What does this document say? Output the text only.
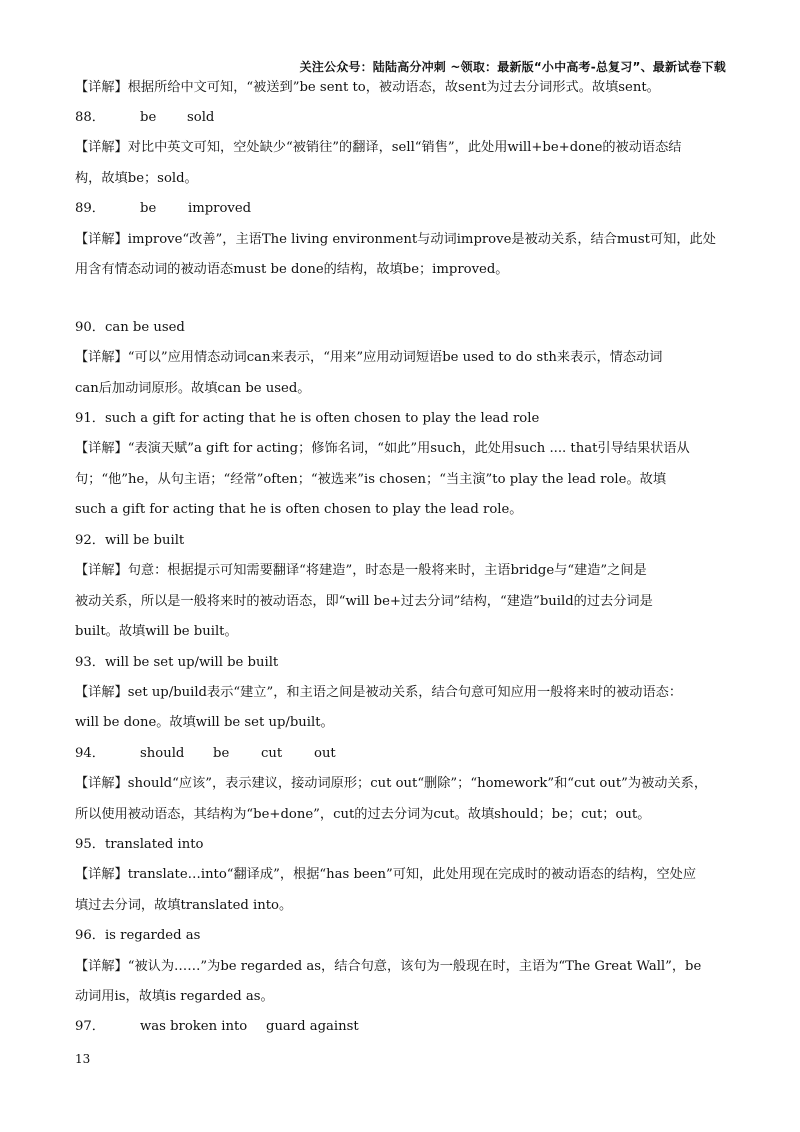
关注公众号：陆陆高分冲刺 ~领取：最新版“小中高考-总复习”、最新试卷下载
【详解】根据所给中文可知，“被送到”be sent to，被动语态，故sent为过去分词形式。故填sent。
88．	be sold
【详解】对比中英文可知，空处缺少“被销往”的翻译，sell“销售”，此处用will+be+done的被动语态结
构，故填be；sold。
89．	be improved
【详解】improve“改善”，主语The living environment与动词improve是被动关系，结合must可知，此处
用含有情态动词的被动语态must be done的结构，故填be；improved。
90．can be used
【详解】“可以”应用情态动词can来表示，“用来”应用动词短语be used to do sth来表示，情态动词
can后加动词原形。故填can be used。
91．such a gift for acting that he is often chosen to play the lead role
【详解】“表演天赋”a gift for acting；修饰名词，“如此”用such，此处用such .... that引导结果状语从
句；“他”he，从句主语；“经常”often；“被选来”is chosen；“当主演”to play the lead role。故填
such a gift for acting that he is often chosen to play the lead role。
92．will be built
【详解】句意：根据提示可知需要翻译“将建造”，时态是一般将来时，主语bridge与“建造”之间是
被动关系，所以是一般将来时的被动语态，即“will be+过去分词”结构，“建造”build的过去分词是
built。故填will be built。
93．will be set up/will be built
【详解】set up/build表示“建立”，和主语之间是被动关系，结合句意可知应用一般将来时的被动语态：
will be done。故填will be set up/built。
94．	should be cut out
【详解】should“应该”，表示建议，接动词原形；cut out“删除”；“homework”和“cut out”为被动关系，
所以使用被动语态，其结构为“be+done”，cut的过去分词为cut。故填should；be；cut；out。
95．translated into
【详解】translate…into“翻译成”，根据“has been”可知，此处用现在完成时的被动语态的结构，空处应
填过去分词，故填translated into。
96．is regarded as
【详解】“被认为……”为be regarded as，结合句意，该句为一般现在时，主语为“The Great Wall”，be
动词用is，故填is regarded as。
97．	was broken into guard against
13
